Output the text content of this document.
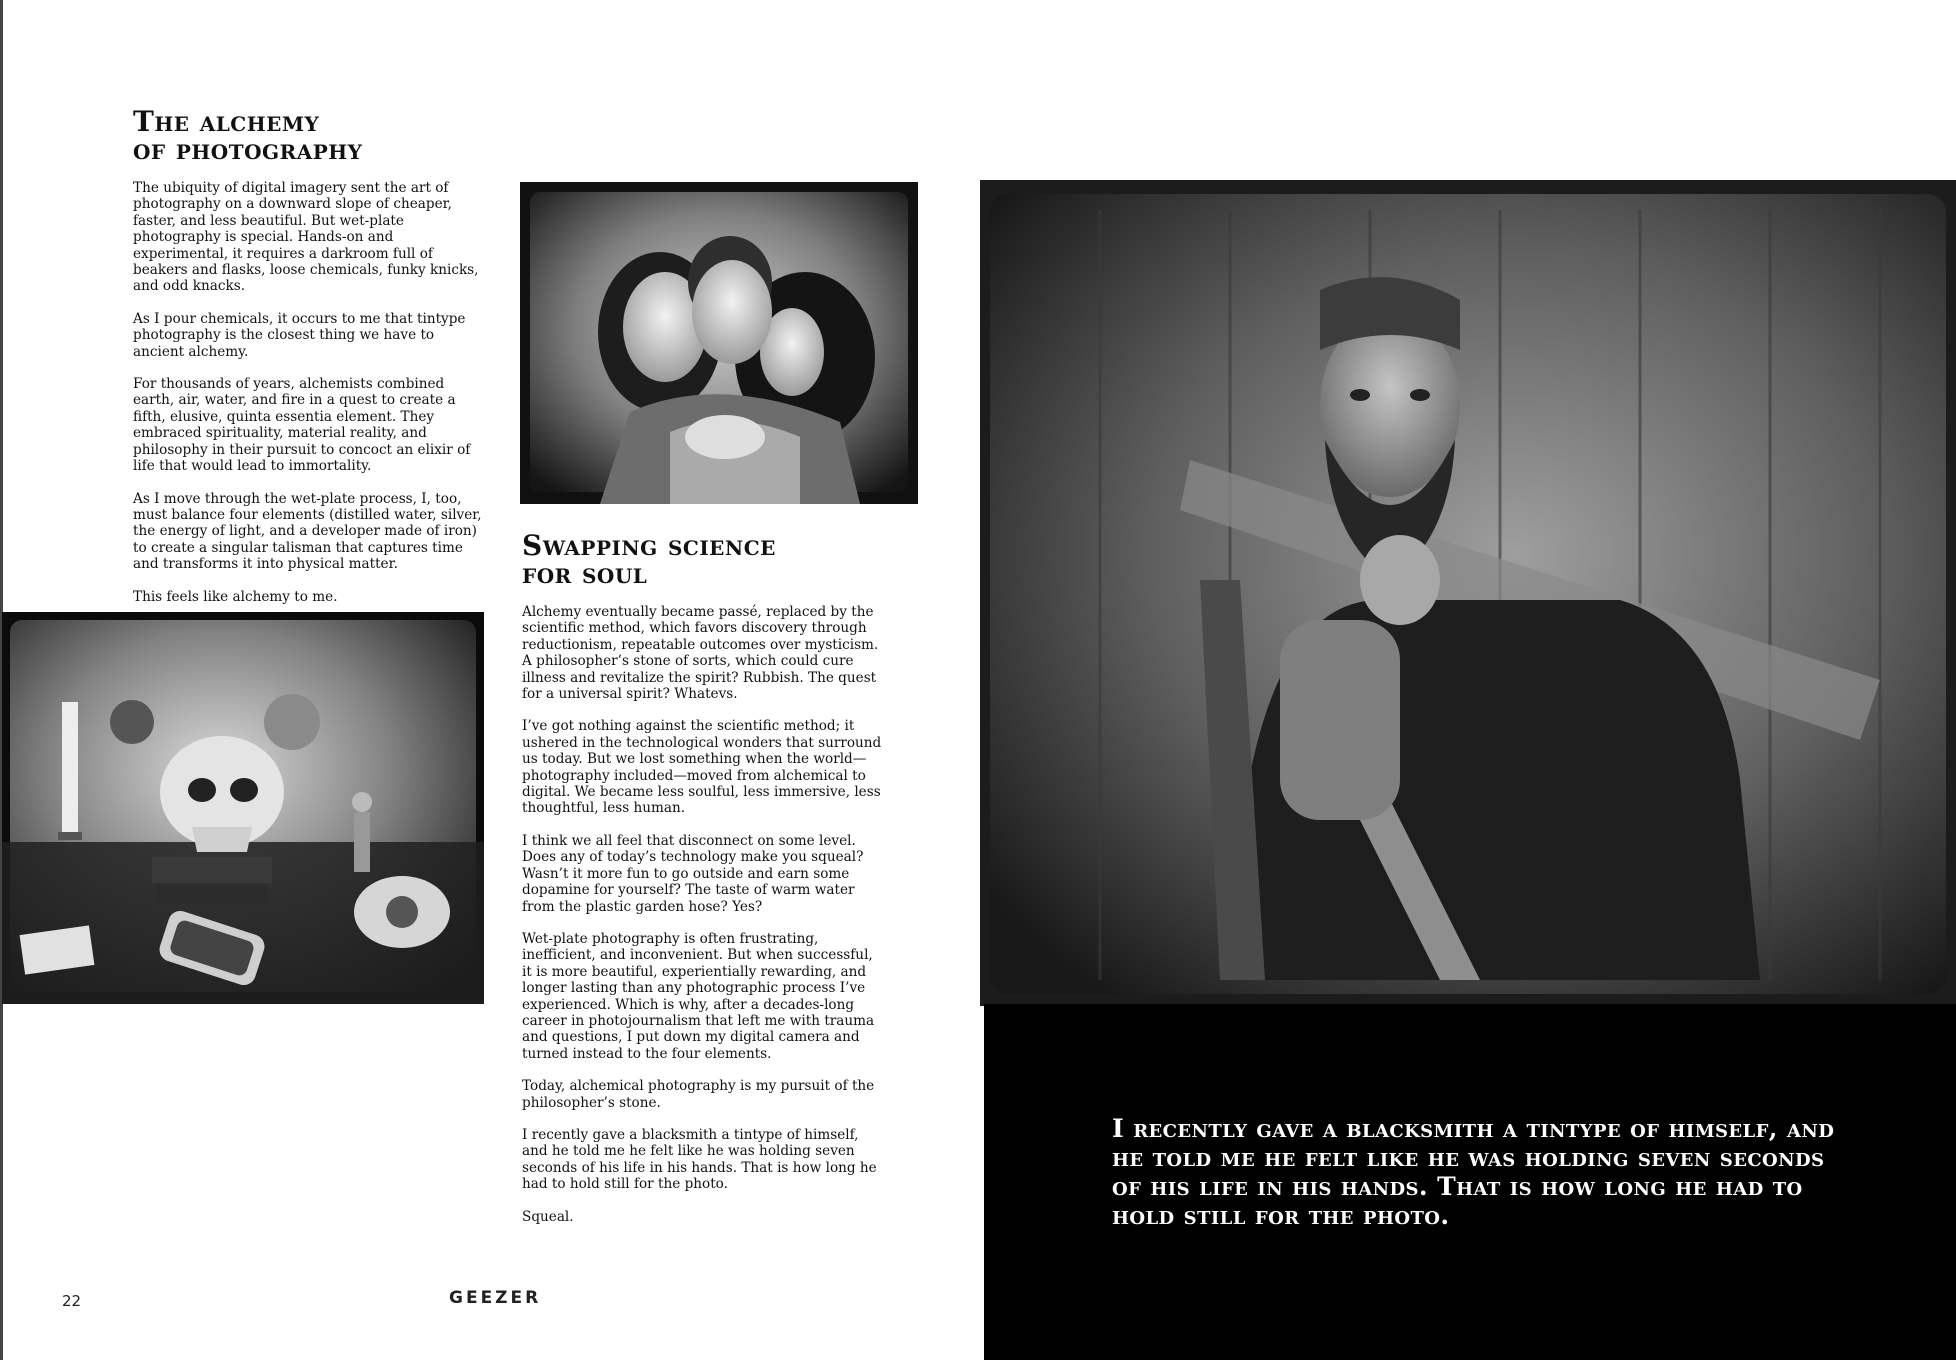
The alchemy
of photography

The ubiquity of digital imagery sent the art of photography on a downward slope of cheaper, faster, and less beautiful. But wet-plate photography is special. Hands-on and experimental, it requires a darkroom full of beakers and flasks, loose chemicals, funky knicks, and odd knacks.

As I pour chemicals, it occurs to me that tintype photography is the closest thing we have to ancient alchemy.

For thousands of years, alchemists combined earth, air, water, and fire in a quest to create a fifth, elusive, quinta essentia element. They embraced spirituality, material reality, and philosophy in their pursuit to concoct an elixir of life that would lead to immortality.

As I move through the wet-plate process, I, too, must balance four elements (distilled water, silver, the energy of light, and a developer made of iron) to create a singular talisman that captures time and transforms it into physical matter.

This feels like alchemy to me.

Swapping science
for soul

Alchemy eventually became passé, replaced by the scientific method, which favors discovery through reductionism, repeatable outcomes over mysticism. A philosopher’s stone of sorts, which could cure illness and revitalize the spirit? Rubbish. The quest for a universal spirit? Whatevs.

I’ve got nothing against the scientific method; it ushered in the technological wonders that surround us today. But we lost something when the world—photography included—moved from alchemical to digital. We became less soulful, less immersive, less thoughtful, less human.

I think we all feel that disconnect on some level. Does any of today’s technology make you squeal? Wasn’t it more fun to go outside and earn some dopamine for yourself? The taste of warm water from the plastic garden hose? Yes?

Wet-plate photography is often frustrating, inefficient, and inconvenient. But when successful, it is more beautiful, experientially rewarding, and longer lasting than any photographic process I’ve experienced. Which is why, after a decades-long career in photojournalism that left me with trauma and questions, I put down my digital camera and turned instead to the four elements.

Today, alchemical photography is my pursuit of the philosopher’s stone.

I recently gave a blacksmith a tintype of himself, and he told me he felt like he was holding seven seconds of his life in his hands. That is how long he had to hold still for the photo.

Squeal.

I recently gave a blacksmith a tintype of himself, and he told me he felt like he was holding seven seconds of his life in his hands. That is how long he had to hold still for the photo.
22	GEEZER
